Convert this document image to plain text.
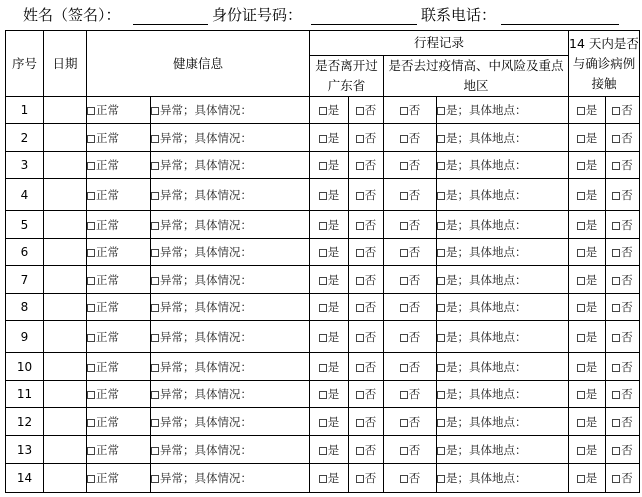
姓名（签名）：	身份证号码：	联系电话：
序号	日期	健康信息		行程记录				14 天内是否与确诊病例接触	
				是否离开过广东省		是否去过疫情高、中风险及重点地区			
1		正常	异常；具体情况：	是	否	否	是；具体地点：	是	否
2		正常	异常；具体情况：	是	否	否	是；具体地点：	是	否
3		正常	异常；具体情况：	是	否	否	是；具体地点：	是	否
4		正常	异常；具体情况：	是	否	否	是；具体地点：	是	否
5		正常	异常；具体情况：	是	否	否	是；具体地点：	是	否
6		正常	异常；具体情况：	是	否	否	是；具体地点：	是	否
7		正常	异常；具体情况：	是	否	否	是；具体地点：	是	否
8		正常	异常；具体情况：	是	否	否	是；具体地点：	是	否
9		正常	异常；具体情况：	是	否	否	是；具体地点：	是	否
10		正常	异常；具体情况：	是	否	否	是；具体地点：	是	否
11		正常	异常；具体情况：	是	否	否	是；具体地点：	是	否
12		正常	异常；具体情况：	是	否	否	是；具体地点：	是	否
13		正常	异常；具体情况：	是	否	否	是；具体地点：	是	否
14		正常	异常；具体情况：	是	否	否	是；具体地点：	是	否
